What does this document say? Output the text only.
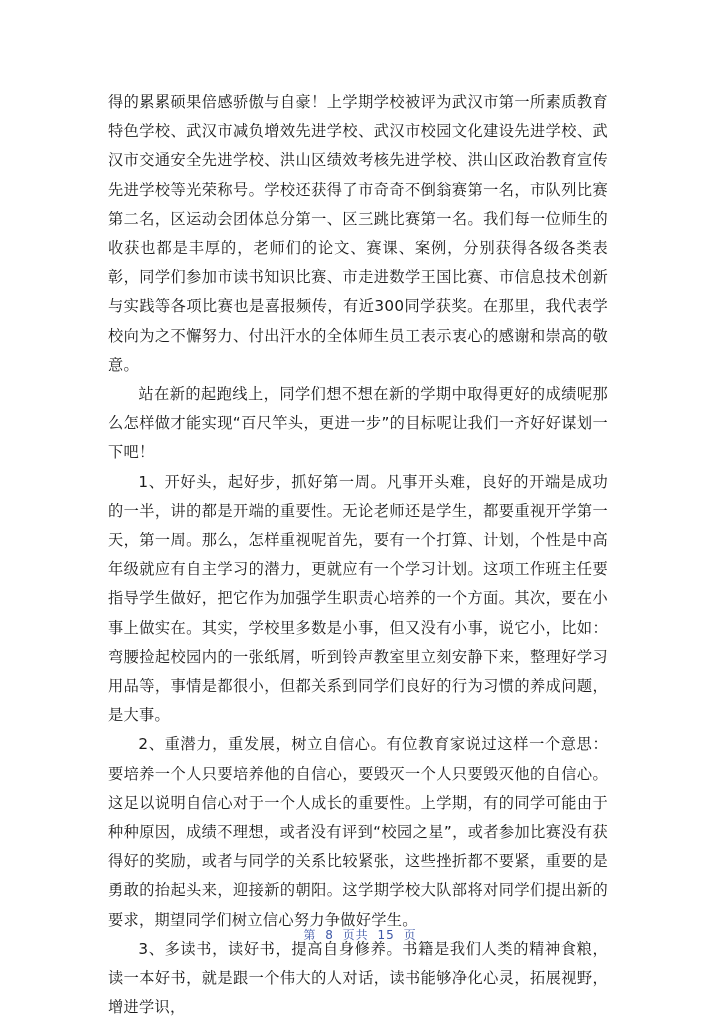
得的累累硕果倍感骄傲与自豪！上学期学校被评为武汉市第一所素质教育特色学校、武汉市减负增效先进学校、武汉市校园文化建设先进学校、武汉市交通安全先进学校、洪山区绩效考核先进学校、洪山区政治教育宣传先进学校等光荣称号。学校还获得了市奇奇不倒翁赛第一名，市队列比赛第二名，区运动会团体总分第一、区三跳比赛第一名。我们每一位师生的收获也都是丰厚的，老师们的论文、赛课、案例，分别获得各级各类表彰，同学们参加市读书知识比赛、市走进数学王国比赛、市信息技术创新与实践等各项比赛也是喜报频传，有近300同学获奖。在那里，我代表学校向为之不懈努力、付出汗水的全体师生员工表示衷心的感谢和崇高的敬意。

站在新的起跑线上，同学们想不想在新的学期中取得更好的成绩呢那么怎样做才能实现“百尺竿头，更进一步”的目标呢让我们一齐好好谋划一下吧！

1、开好头，起好步，抓好第一周。凡事开头难，良好的开端是成功的一半，讲的都是开端的重要性。无论老师还是学生，都要重视开学第一天，第一周。那么，怎样重视呢首先，要有一个打算、计划，个性是中高年级就应有自主学习的潜力，更就应有一个学习计划。这项工作班主任要指导学生做好，把它作为加强学生职责心培养的一个方面。其次，要在小事上做实在。其实，学校里多数是小事，但又没有小事，说它小，比如：弯腰捡起校园内的一张纸屑，听到铃声教室里立刻安静下来，整理好学习用品等，事情是都很小，但都关系到同学们良好的行为习惯的养成问题，是大事。

2、重潜力，重发展，树立自信心。有位教育家说过这样一个意思：要培养一个人只要培养他的自信心，要毁灭一个人只要毁灭他的自信心。这足以说明自信心对于一个人成长的重要性。上学期，有的同学可能由于种种原因，成绩不理想，或者没有评到“校园之星”，或者参加比赛没有获得好的奖励，或者与同学的关系比较紧张，这些挫折都不要紧，重要的是勇敢的抬起头来，迎接新的朝阳。这学期学校大队部将对同学们提出新的要求，期望同学们树立信心努力争做好学生。

3、多读书，读好书，提高自身修养。书籍是我们人类的精神食粮，读一本好书，就是跟一个伟大的人对话，读书能够净化心灵，拓展视野，增进学识，

第 8 页共 15 页
